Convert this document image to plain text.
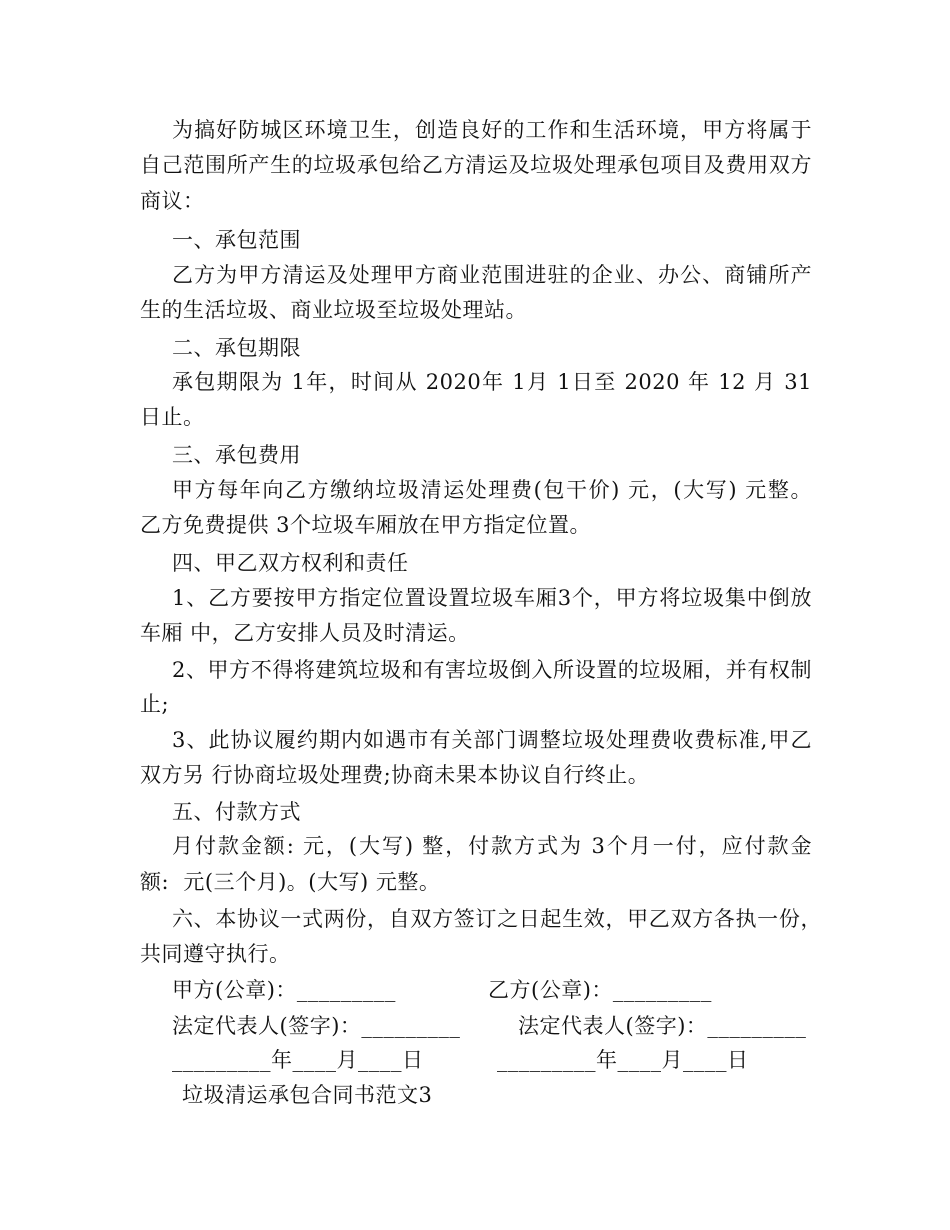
为搞好防城区环境卫生，创造良好的工作和生活环境，甲方将属于
自己范围所产生的垃圾承包给乙方清运及垃圾处理承包项目及费用双方
商议：
一、承包范围
乙方为甲方清运及处理甲方商业范围进驻的企业、办公、商铺所产
生的生活垃圾、商业垃圾至垃圾处理站。
二、承包期限
承包期限为 1年，时间从 2020年 1月 1日至 2020 年 12 月 31
日止。
三、承包费用
甲方每年向乙方缴纳垃圾清运处理费(包干价) 元，(大写) 元整。
乙方免费提供 3个垃圾车厢放在甲方指定位置。
四、甲乙双方权利和责任
1、乙方要按甲方指定位置设置垃圾车厢3个，甲方将垃圾集中倒放
车厢 中，乙方安排人员及时清运。
2、甲方不得将建筑垃圾和有害垃圾倒入所设置的垃圾厢，并有权制
止;
3、此协议履约期内如遇市有关部门调整垃圾处理费收费标准,甲乙
双方另 行协商垃圾处理费;协商未果本协议自行终止。
五、付款方式
月付款金额: 元，(大写) 整，付款方式为 3个月一付，应付款金
额:  元(三个月)。(大写) 元整。
六、本协议一式两份，自双方签订之日起生效，甲乙双方各执一份，
共同遵守执行。
甲方(公章)：_________	乙方(公章)：_________
法定代表人(签字)：_________	法定代表人(签字)：_________
_________年____月____日	_________年____月____日
垃圾清运承包合同书范文3
